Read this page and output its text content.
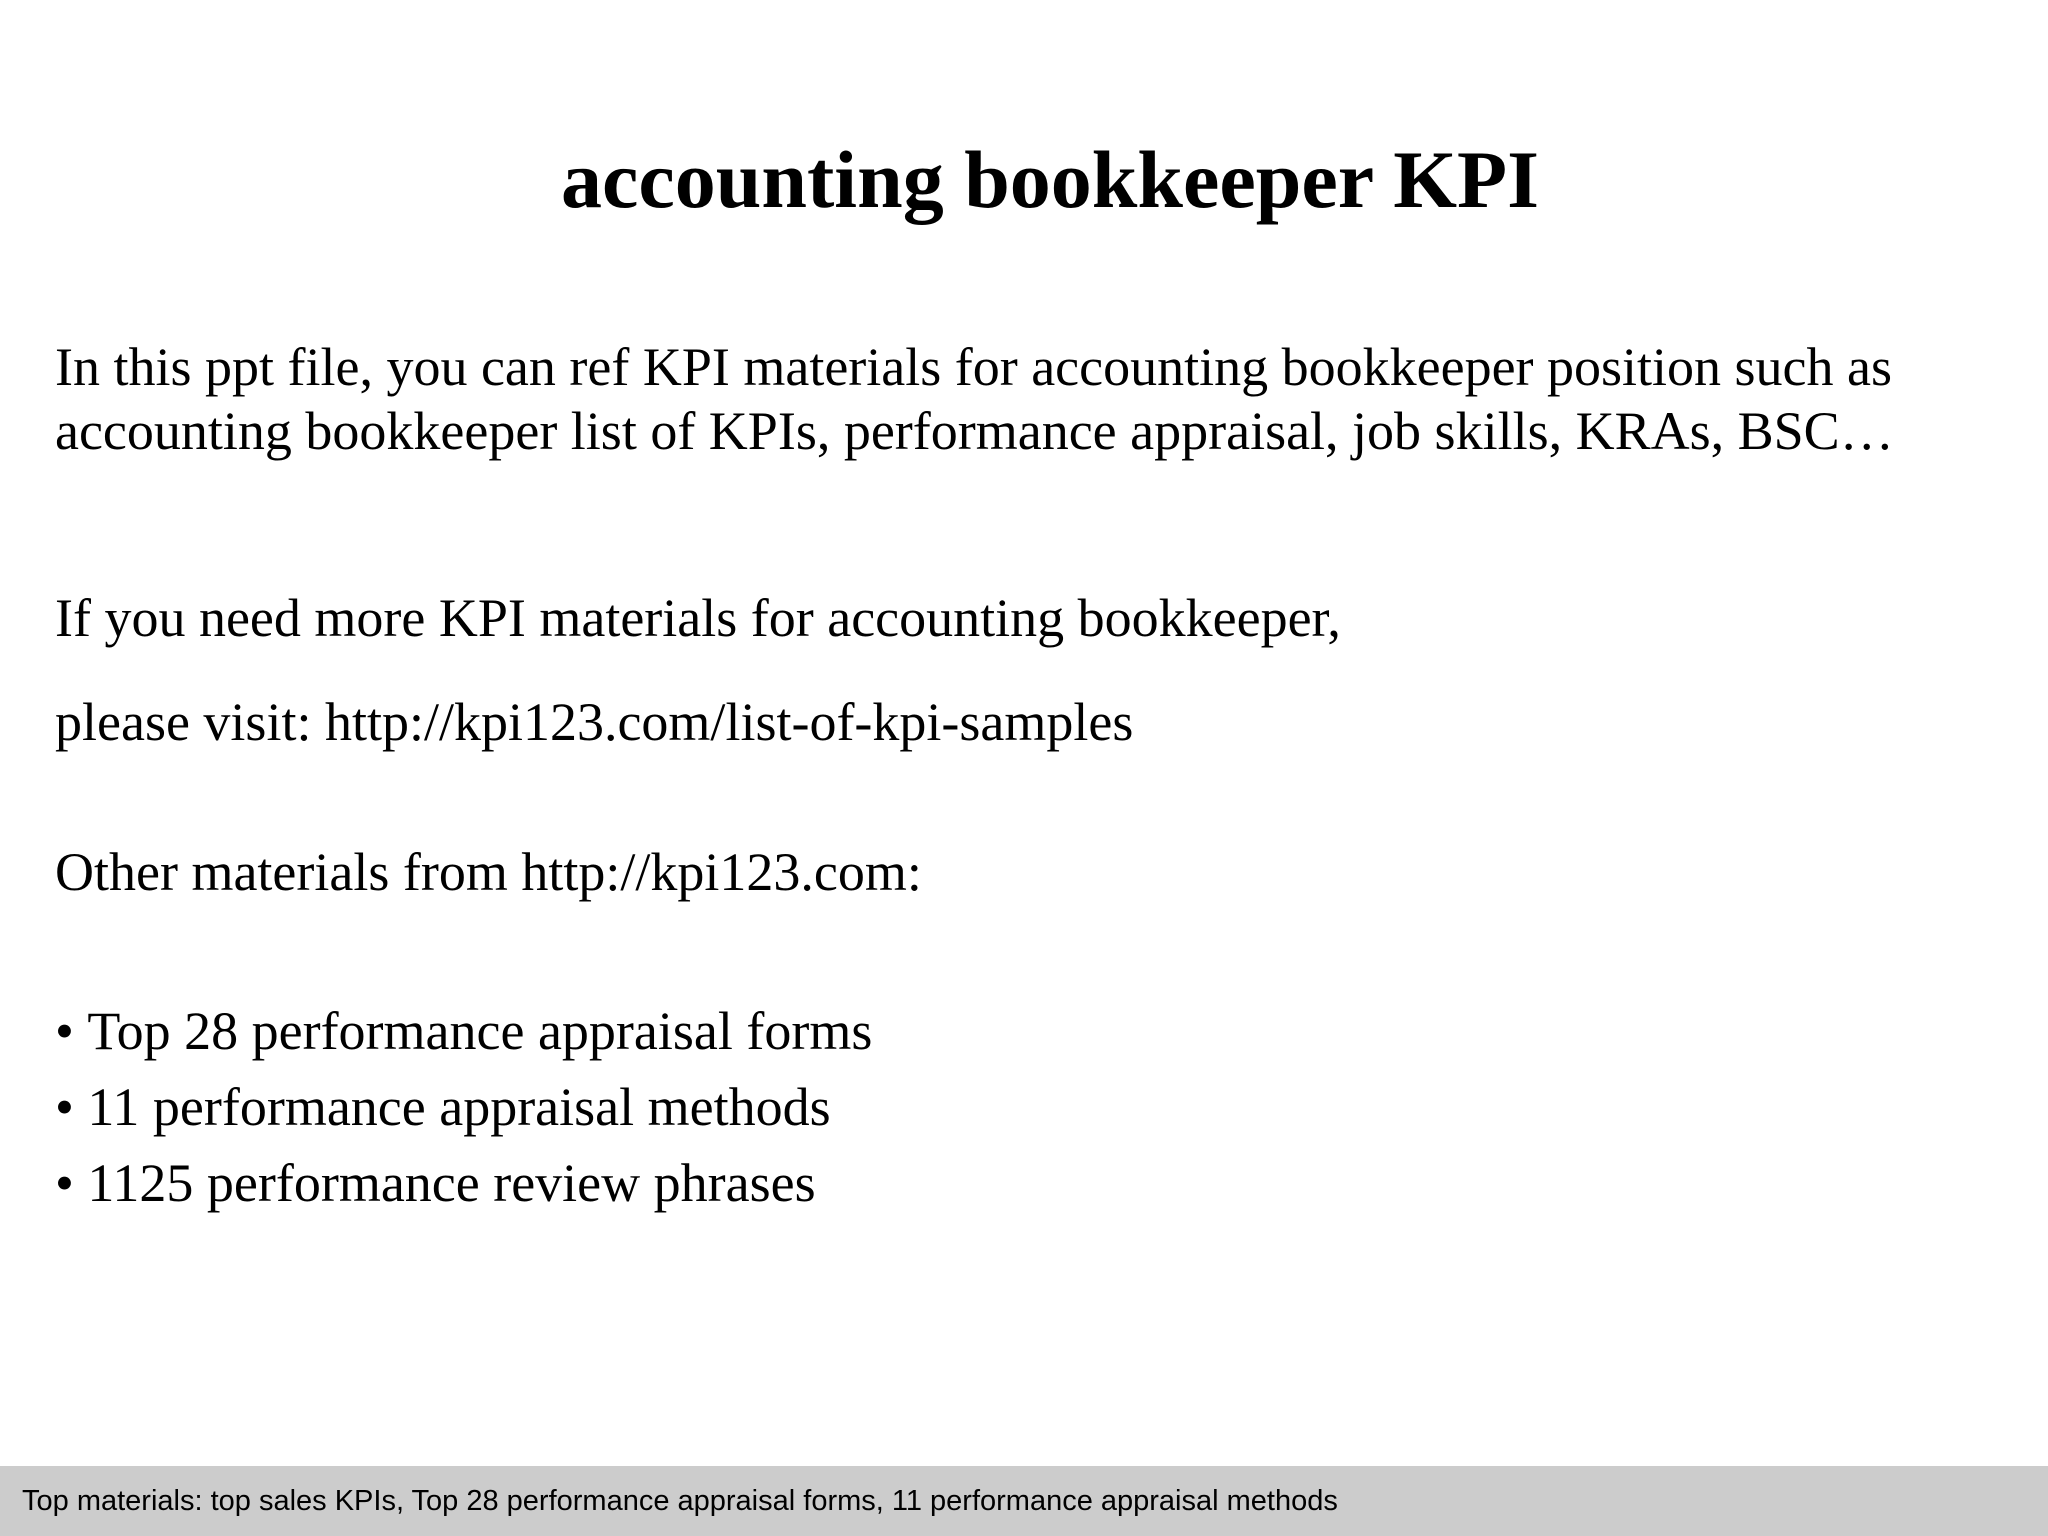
accounting bookkeeper KPI

In this ppt file, you can ref KPI materials for accounting bookkeeper position such as accounting bookkeeper list of KPIs, performance appraisal, job skills, KRAs, BSC…

If you need more KPI materials for accounting bookkeeper,

please visit: http://kpi123.com/list-of-kpi-samples

Other materials from http://kpi123.com:

• Top 28 performance appraisal forms
• 11 performance appraisal methods
• 1125 performance review phrases
Top materials: top sales KPIs, Top 28 performance appraisal forms, 11 performance appraisal methods
